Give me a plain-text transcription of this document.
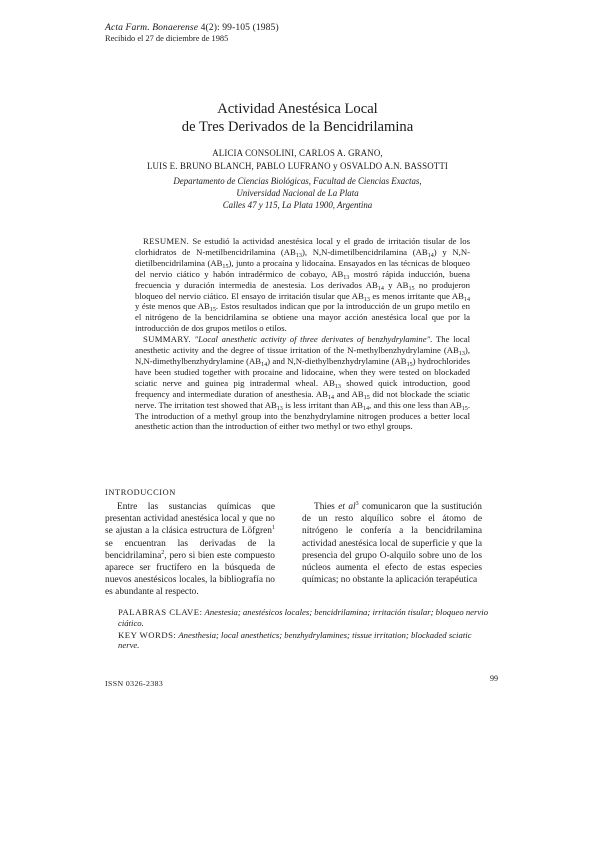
Acta Farm. Bonaerense 4(2): 99-105 (1985)
Recibido el 27 de diciembre de 1985
Actividad Anestésica Local
de Tres Derivados de la Bencidrilamina
ALICIA CONSOLINI, CARLOS A. GRANO,
LUIS E. BRUNO BLANCH, PABLO LUFRANO y OSVALDO A.N. BASSOTTI
Departamento de Ciencias Biológicas, Facultad de Ciencias Exactas,
Universidad Nacional de La Plata
Calles 47 y 115, La Plata 1900, Argentina

RESUMEN. Se estudió la actividad anestésica local y el grado de irritación tisular de los clorhidratos de N-metilbencidrilamina $(AB_{13})$, N,N-dimetilbencidrilamina $(AB_{14})$ y N,N-dietilbencidrilamina $(AB_{15})$, junto a procaína y lidocaína. Ensayados en las técnicas de bloqueo del nervio ciático y habón intradérmico de cobayo, $AB_{13}$ mostró rápida inducción, buena frecuencia y duración intermedia de anestesia. Los derivados $AB_{14}$ y $AB_{15}$ no produjeron bloqueo del nervio ciático. El ensayo de irritación tisular que $AB_{13}$ es menos irritante que $AB_{14}$ y éste menos que $AB_{15}$. Estos resultados indican que por la introducción de un grupo metilo en el nitrógeno de la bencidrilamina se obtiene una mayor acción anestésica local que por la introducción de dos grupos metilos o etilos.

SUMMARY. "Local anesthetic activity of three derivates of benzhydrylamine". The local anesthetic activity and the degree of tissue irritation of the N-methylbenzhydrylamine $(AB_{13})$, N,N-dimethylbenzhydrylamine $(AB_{14})$ and N,N-diethylbenzhydrylamine $(AB_{15})$ hydrochlorides have been studied together with procaine and lidocaine, when they were tested on blockaded sciatic nerve and guinea pig intradermal wheal. $AB_{13}$ showed quick introduction, good frequency and intermediate duration of anesthesia. $AB_{14}$ and $AB_{15}$ did not blockade the sciatic nerve. The irritation test showed that $AB_{13}$ is less irritant than $AB_{14}$, and this one less than $AB_{15}$. The introduction of a methyl group into the benzhydrylamine nitrogen produces a better local anesthetic action than the introduction of either two methyl or two ethyl groups.

INTRODUCCION

Entre las sustancias químicas que presentan actividad anestésica local y que no se ajustan a la clásica estructura de Löfgren$^1$ se encuentran las derivadas de la bencidrilamina$^2$, pero si bien este compuesto aparece ser fructífero en la búsqueda de nuevos anestésicos locales, la bibliografía no es abundante al respecto.

Thies et $al^3$ comunicaron que la sustitución de un resto alquílico sobre el átomo de nitrógeno le confería a la bencidrilamina actividad anestésica local de superficie y que la presencia del grupo O-alquilo sobre uno de los núcleos aumenta el efecto de estas especies químicas; no obstante la aplicación terapéutica

PALABRAS CLAVE: Anestesia; anestésicos locales; bencidrilamina; irritación tisular; bloqueo nervio ciático.

KEY WORDS: Anesthesia; local anesthetics; benzhydrylamines; tissue irritation; blockaded sciatic nerve.

ISSN 0326-2383
99
